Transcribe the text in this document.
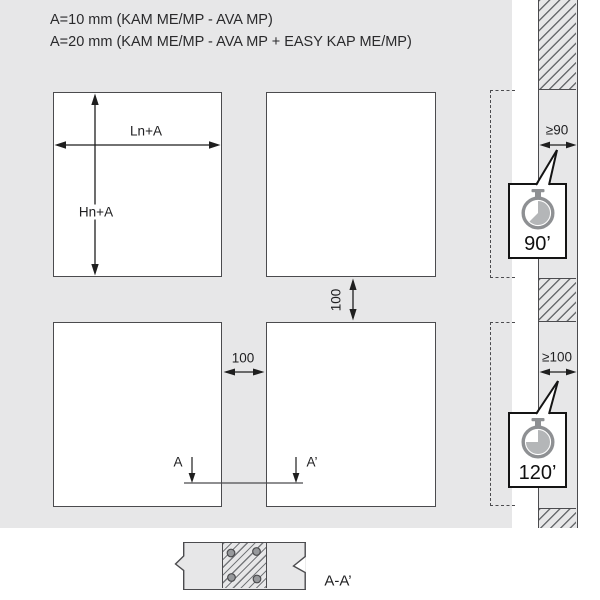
A=10 mm (KAM ME/MP - AVA MP)
A=20 mm (KAM ME/MP - AVA MP + EASY KAP ME/MP)
90’
120’
Ln+A
Hn+A
100
100
≥90
≥100
A	A’
A-A’
